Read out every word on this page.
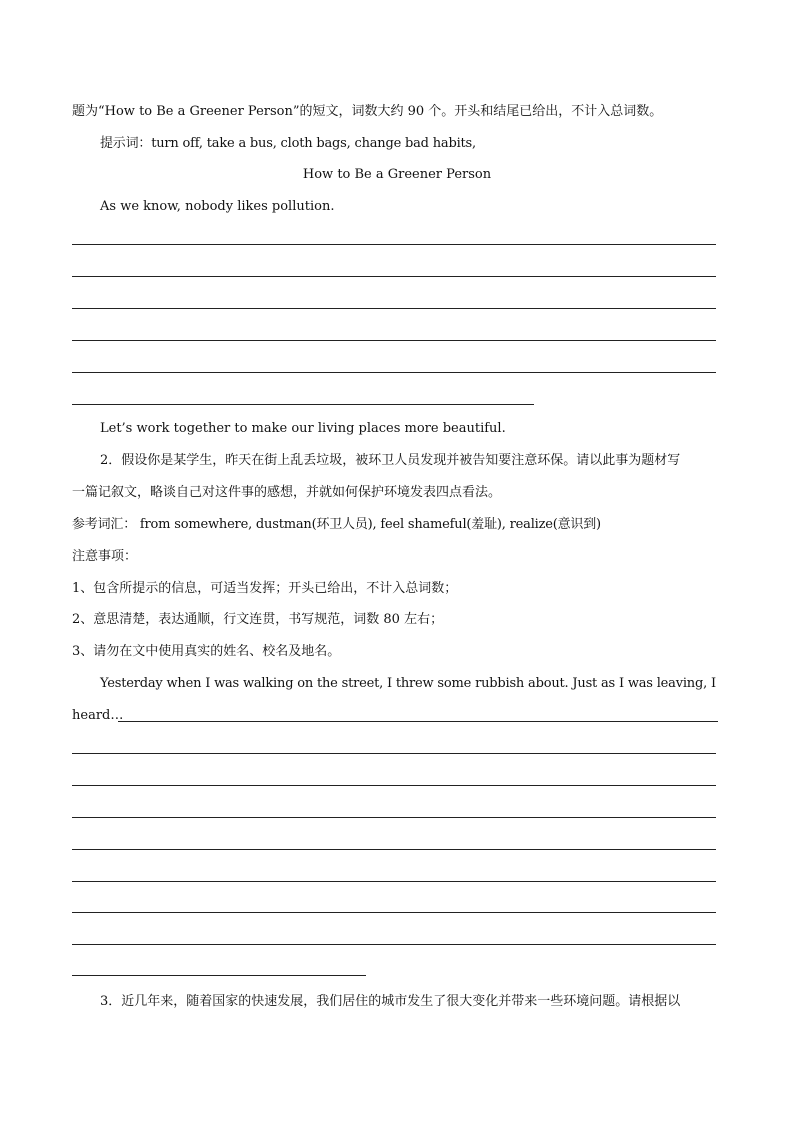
题为“How to Be a Greener Person”的短文，词数大约 90 个。开头和结尾已给出，不计入总词数。
提示词：turn off, take a bus, cloth bags, change bad habits,
How to Be a Greener Person
As we know, nobody likes pollution.
Let’s work together to make our living places more beautiful.
2．假设你是某学生，昨天在街上乱丢垃圾，被环卫人员发现并被告知要注意环保。请以此事为题材写
一篇记叙文，略谈自己对这件事的感想，并就如何保护环境发表四点看法。
参考词汇： from somewhere, dustman(环卫人员), feel shameful(羞耻), realize(意识到)
注意事项：
1、包含所提示的信息，可适当发挥；开头已给出，不计入总词数；
2、意思清楚，表达通顺，行文连贯，书写规范，词数 80 左右；
3、请勿在文中使用真实的姓名、校名及地名。
Yesterday when I was walking on the street, I threw some rubbish about. Just as I was leaving, I
heard…
3．近几年来，随着国家的快速发展，我们居住的城市发生了很大变化并带来一些环境问题。请根据以
